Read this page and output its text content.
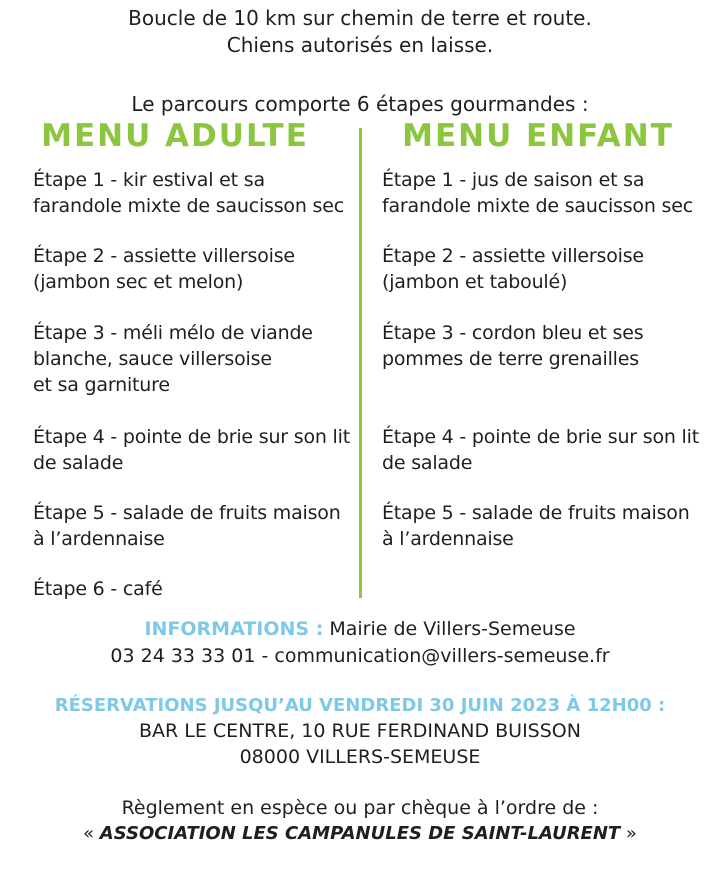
Boucle de 10 km sur chemin de terre et route.
Chiens autorisés en laisse.
Le parcours comporte 6 étapes gourmandes :
MENU ADULTE	MENU ENFANT
Étape 1 - kir estival et sa
farandole mixte de saucisson sec
Étape 2 - assiette villersoise
(jambon sec et melon)
Étape 3 - méli mélo de viande
blanche, sauce villersoise
et sa garniture
Étape 4 - pointe de brie sur son lit
de salade
Étape 5 - salade de fruits maison
à l’ardennaise
Étape 6 - café
Étape 1 - jus de saison et sa
farandole mixte de saucisson sec
Étape 2 - assiette villersoise
(jambon et taboulé)
Étape 3 - cordon bleu et ses
pommes de terre grenailles
Étape 4 - pointe de brie sur son lit
de salade
Étape 5 - salade de fruits maison
à l’ardennaise
INFORMATIONS : Mairie de Villers-Semeuse
03 24 33 33 01 - communication@villers-semeuse.fr
RÉSERVATIONS JUSQU’AU VENDREDI 30 JUIN 2023 À 12H00 :
BAR LE CENTRE, 10 RUE FERDINAND BUISSON
08000 VILLERS-SEMEUSE
Règlement en espèce ou par chèque à l’ordre de :
« ASSOCIATION LES CAMPANULES DE SAINT-LAURENT »
